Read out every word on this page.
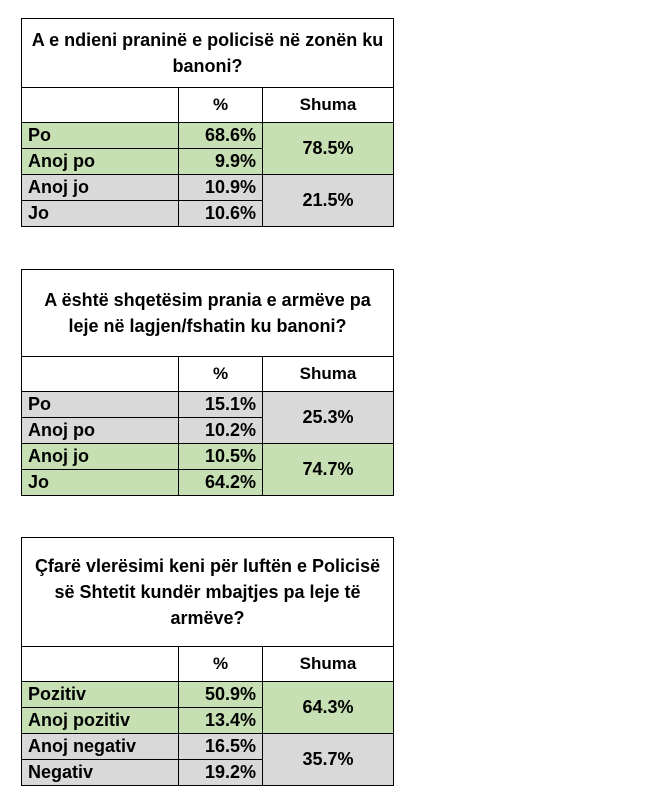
A e ndieni praninë e policisë në zonën ku banoni?		
	%	Shuma
Po	68.6%	78.5%
Anoj po	9.9%	
Anoj jo	10.9%	21.5%
Jo	10.6%	
A është shqetësim prania e armëve pa leje në lagjen/fshatin ku banoni?		
	%	Shuma
Po	15.1%	25.3%
Anoj po	10.2%	
Anoj jo	10.5%	74.7%
Jo	64.2%	
Çfarë vlerësimi keni për luftën e Policisë së Shtetit kundër mbajtjes pa leje të armëve?		
	%	Shuma
Pozitiv	50.9%	64.3%
Anoj pozitiv	13.4%	
Anoj negativ	16.5%	35.7%
Negativ	19.2%	
